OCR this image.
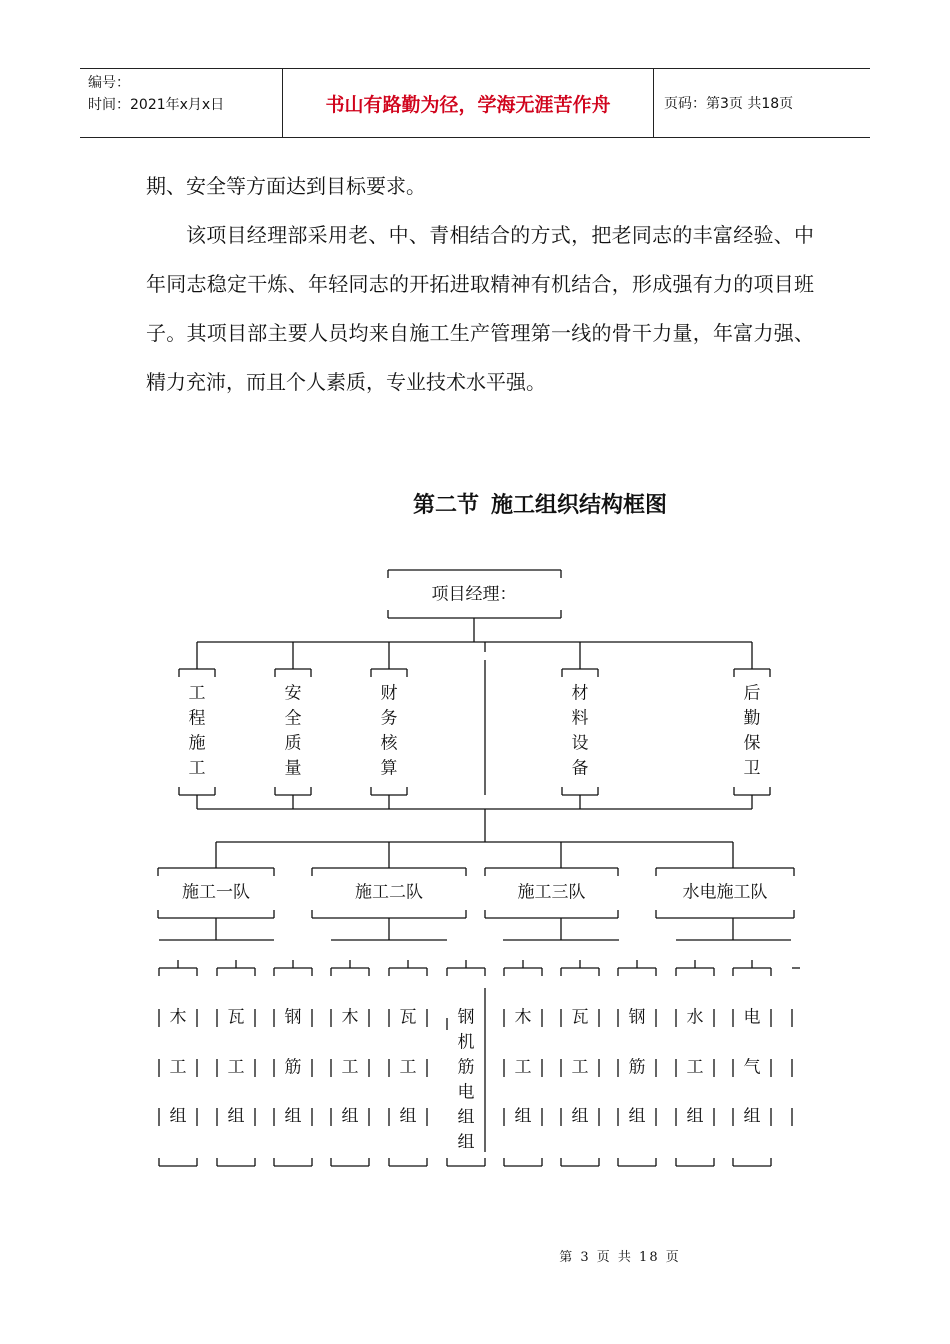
编号：
时间：2021年x月x日	书山有路勤为径，学海无涯苦作舟	页码：第3页 共18页

期、安全等方面达到目标要求。

该项目经理部采用老、中、青相结合的方式，把老同志的丰富经验、中年同志稳定干炼、年轻同志的开拓进取精神有机结合，形成强有力的项目班子。其项目部主要人员均来自施工生产管理第一线的骨干力量，年富力强、精力充沛，而且个人素质，专业技术水平强。

第二节 施工组织结构框图
项目经理：
工
程
施
工
安
全
质
量
财
务
核
算
材
料
设
备
后
勤
保
卫
施工一队	施工二队	施工三队	水电施工队
木
工
组
瓦
工
组
钢
筋
组
木
工
组
瓦
工
组
钢
机
筋
电
组
组
木
工
组
瓦
工
组
钢
筋
组
水
工
组
电
气
组
第 3 页 共 18 页
